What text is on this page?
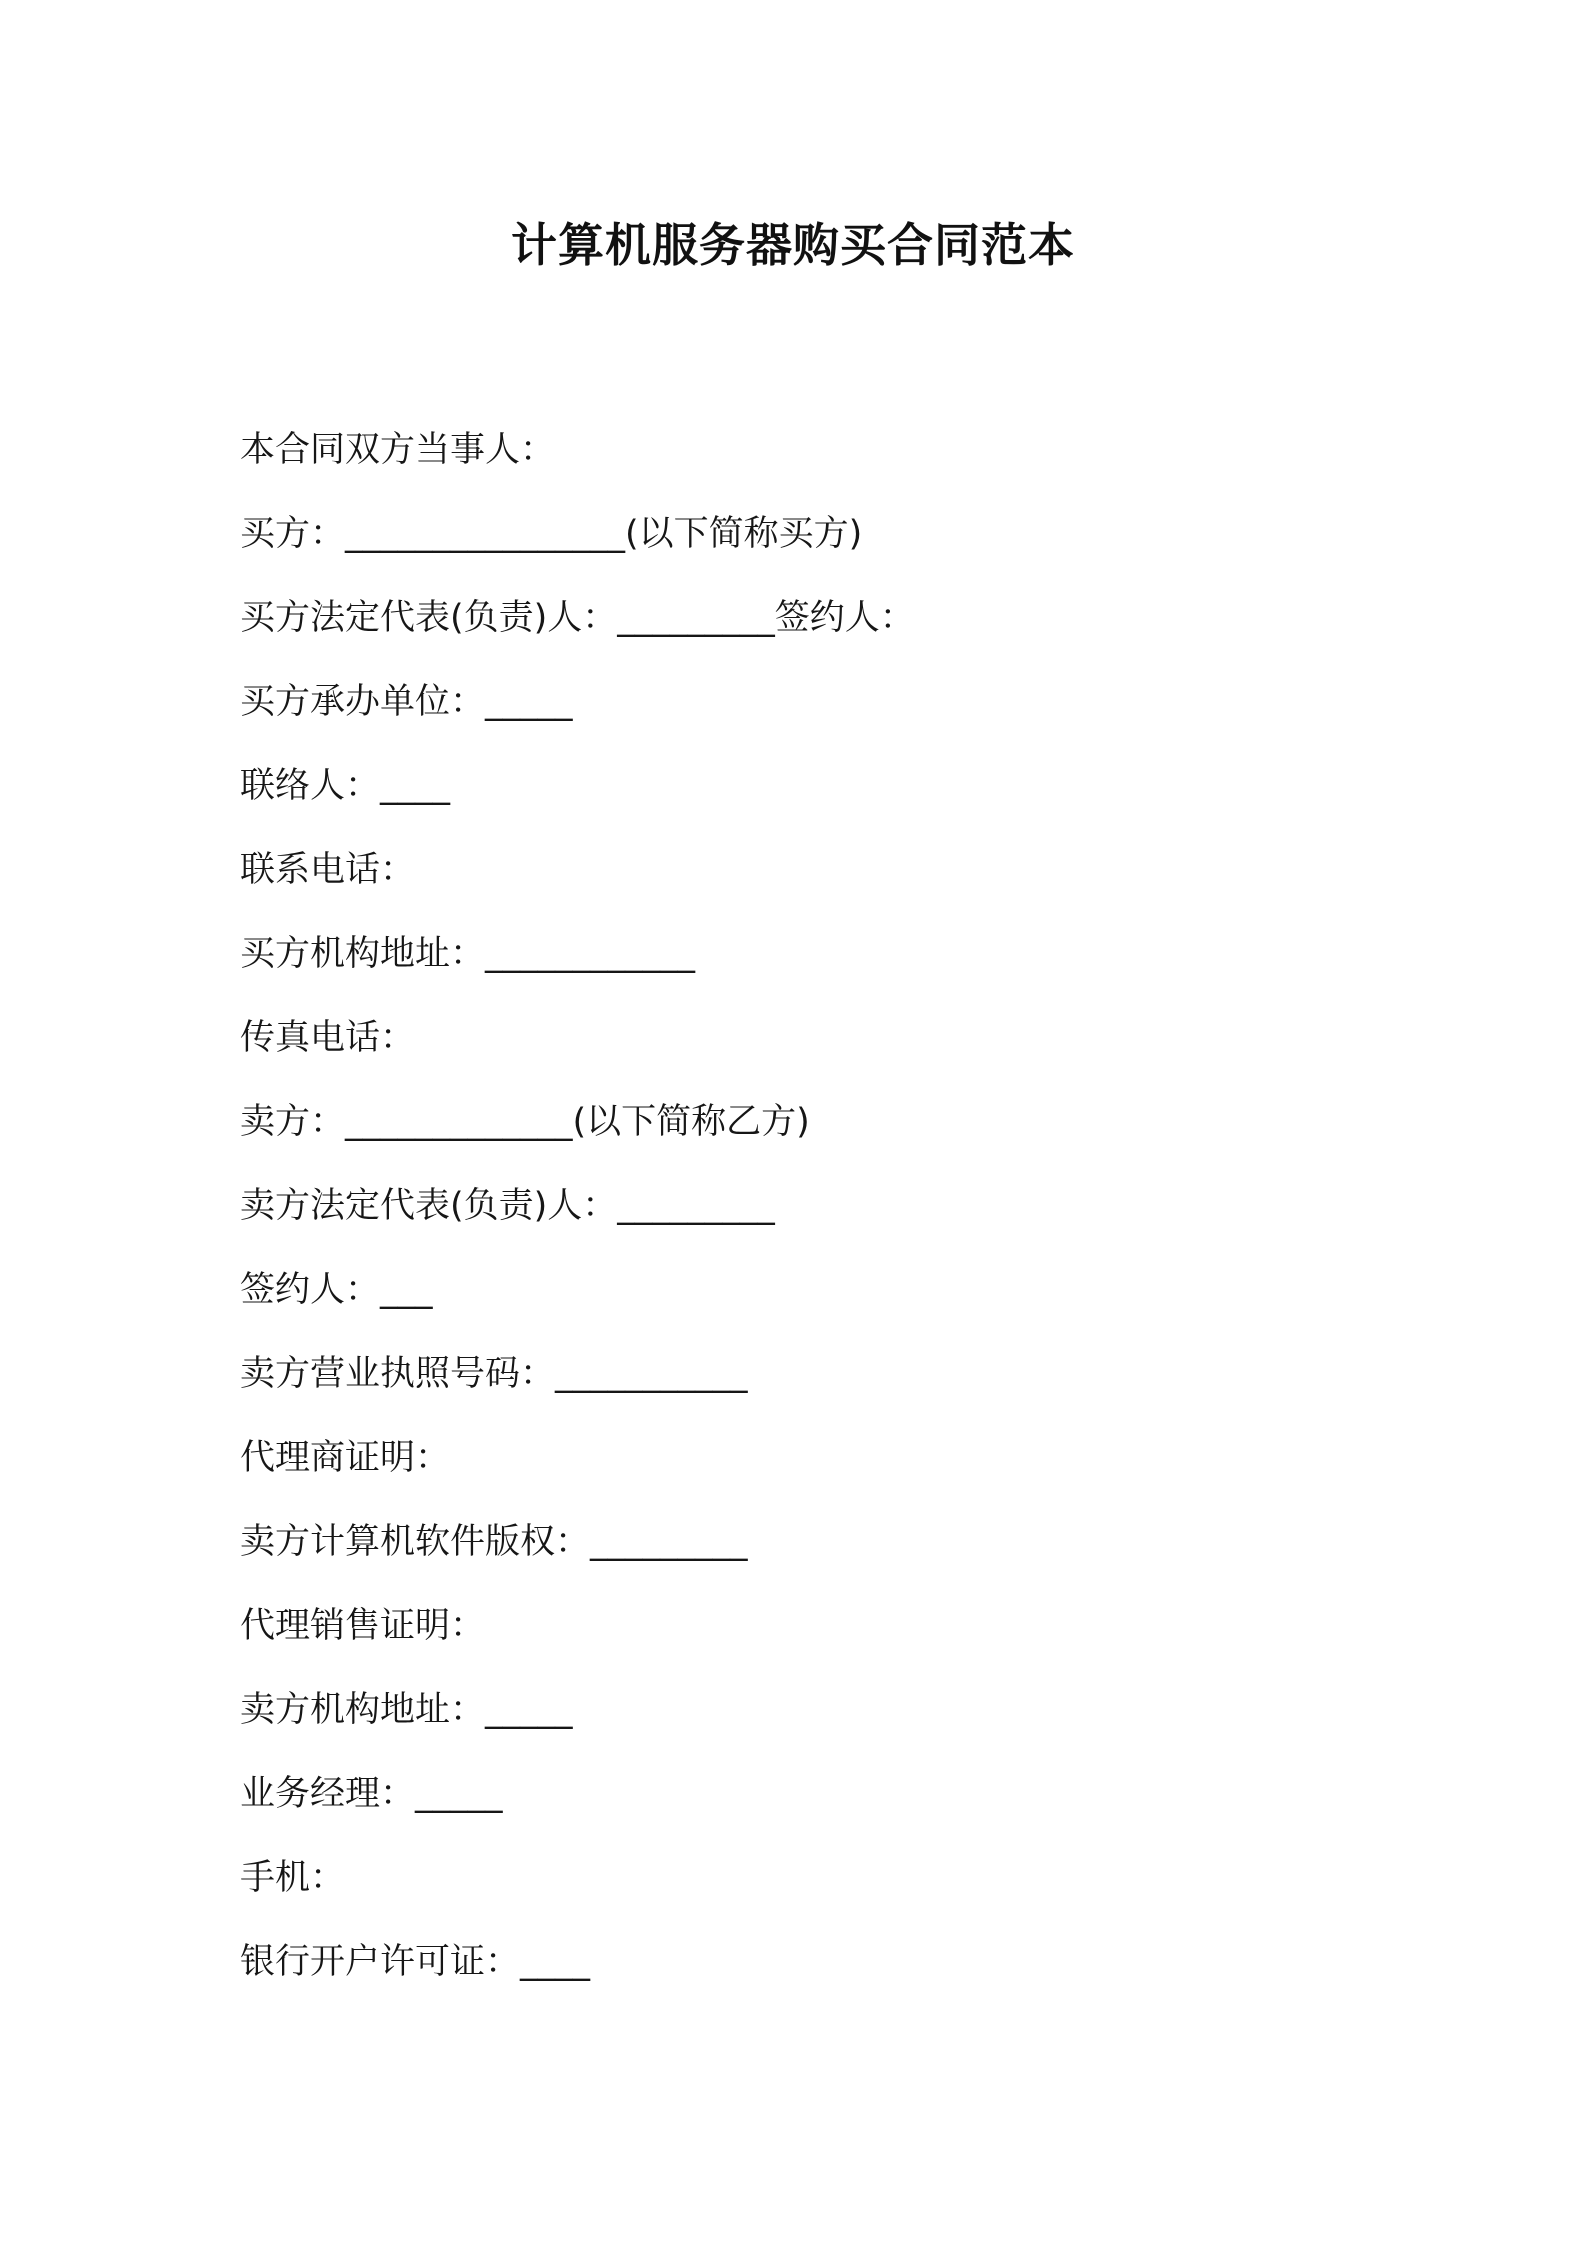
计算机服务器购买合同范本
本合同双方当事人：
买方：________________(以下简称买方)
买方法定代表(负责)人：_________签约人：
买方承办单位：_____
联络人：____
联系电话：
买方机构地址：____________
传真电话：
卖方：_____________(以下简称乙方)
卖方法定代表(负责)人：_________
签约人：___
卖方营业执照号码：___________
代理商证明：
卖方计算机软件版权：_________
代理销售证明：
卖方机构地址：_____
业务经理：_____
手机：
银行开户许可证：____
